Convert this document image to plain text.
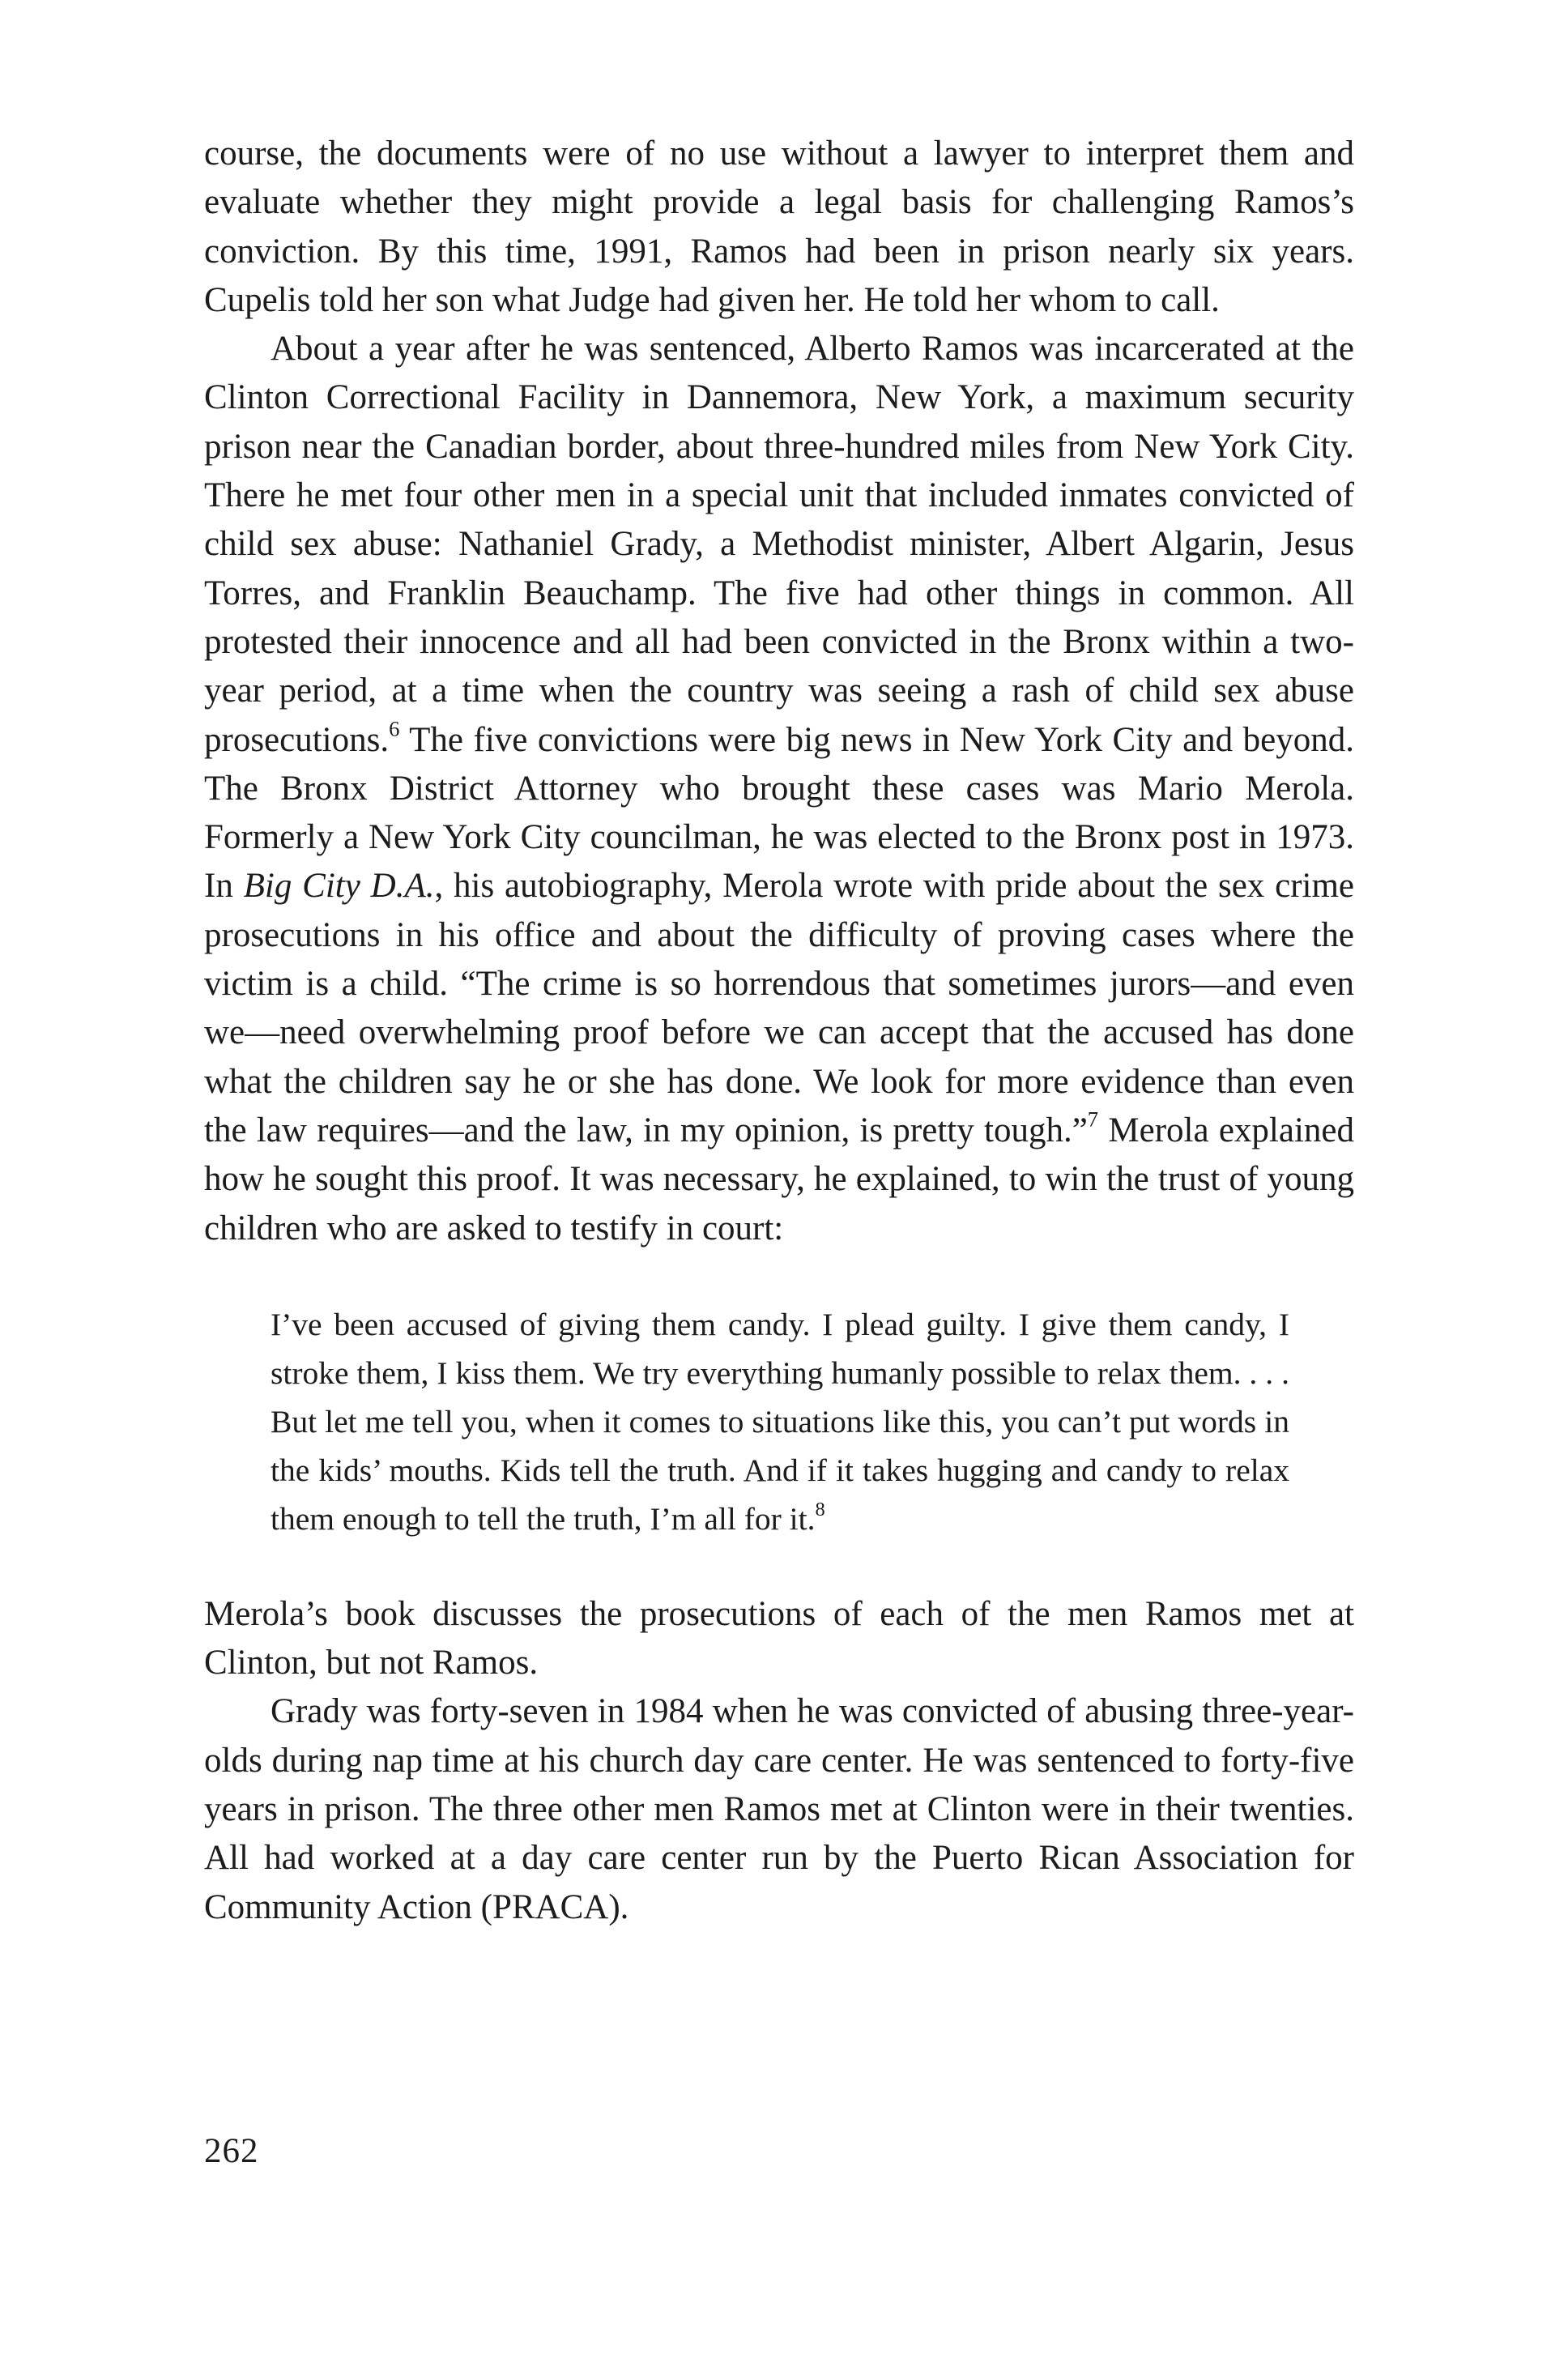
course, the documents were of no use without a lawyer to interpret them and evaluate whether they might provide a legal basis for challenging Ramos’s conviction. By this time, 1991, Ramos had been in prison nearly six years. Cupelis told her son what Judge had given her. He told her whom to call.

About a year after he was sentenced, Alberto Ramos was incarcerated at the Clinton Correctional Facility in Dannemora, New York, a maximum security prison near the Canadian border, about three-hundred miles from New York City. There he met four other men in a special unit that included inmates convicted of child sex abuse: Nathaniel Grady, a Methodist minister, Albert Algarin, Jesus Torres, and Franklin Beauchamp. The five had other things in common. All protested their innocence and all had been convicted in the Bronx within a two-year period, at a time when the country was seeing a rash of child sex abuse prosecutions.$^6$ The five convictions were big news in New York City and beyond. The Bronx District Attorney who brought these cases was Mario Merola. Formerly a New York City councilman, he was elected to the Bronx post in 1973. In Big City D.A., his autobiography, Merola wrote with pride about the sex crime prosecutions in his office and about the difficulty of proving cases where the victim is a child. “The crime is so horrendous that sometimes jurors—and even we—need overwhelming proof before we can accept that the accused has done what the children say he or she has done. We look for more evidence than even the law requires—and the law, in my opinion, is pretty tough.”$^7$ Merola explained how he sought this proof. It was necessary, he explained, to win the trust of young children who are asked to testify in court:

I’ve been accused of giving them candy. I plead guilty. I give them candy, I stroke them, I kiss them. We try everything humanly possible to relax them. . . . But let me tell you, when it comes to situations like this, you can’t put words in the kids’ mouths. Kids tell the truth. And if it takes hugging and candy to relax them enough to tell the truth, I’m all for it.$^8$

Merola’s book discusses the prosecutions of each of the men Ramos met at Clinton, but not Ramos.

Grady was forty-seven in 1984 when he was convicted of abusing three-year-olds during nap time at his church day care center. He was sentenced to forty-five years in prison. The three other men Ramos met at Clinton were in their twenties. All had worked at a day care center run by the Puerto Rican Association for Community Action (PRACA).

262
